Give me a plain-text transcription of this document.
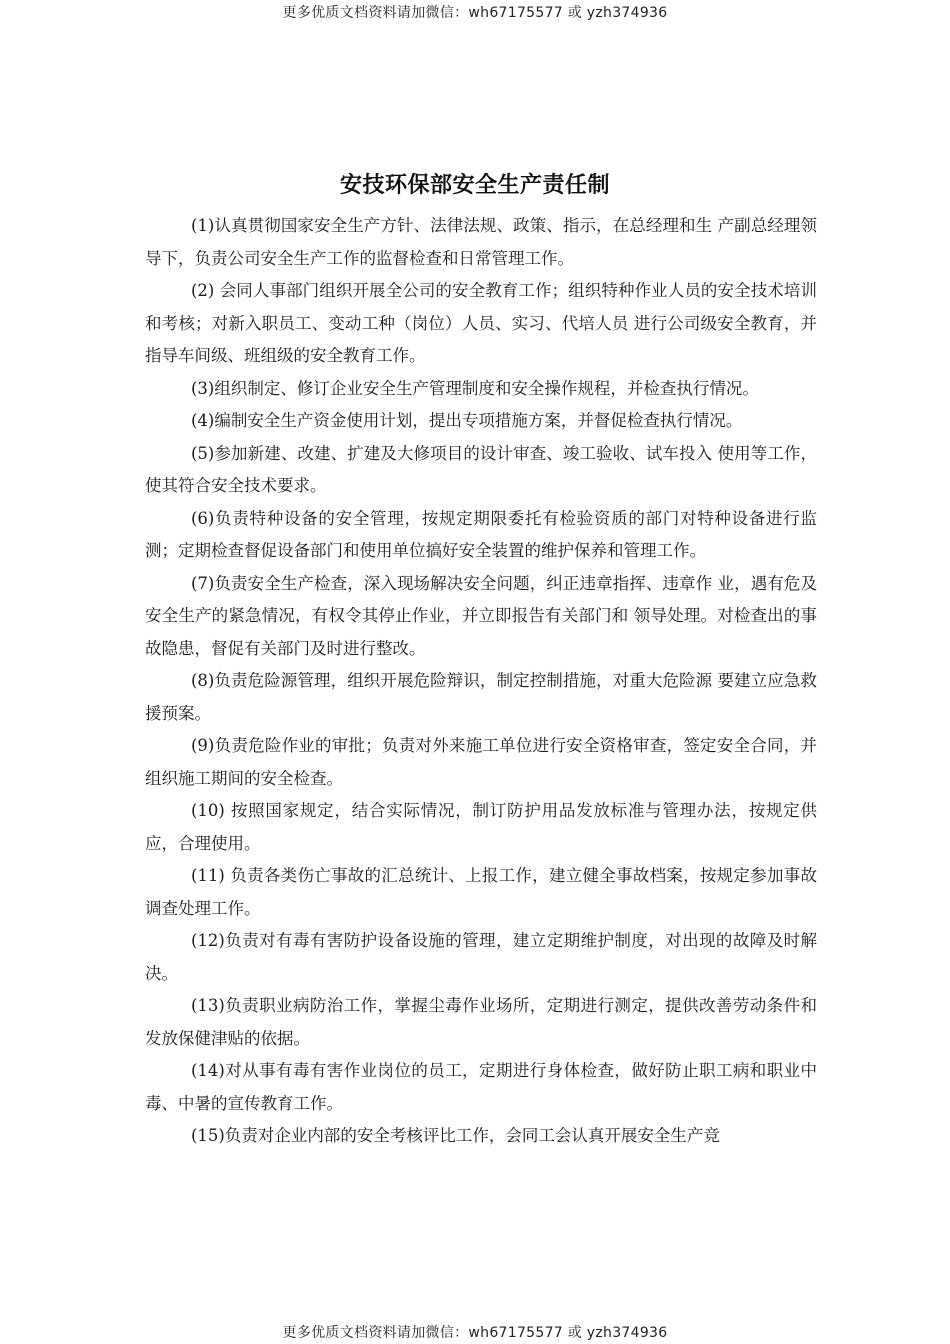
更多优质文档资料请加微信：wh67175577 或 yzh374936
安技环保部安全生产责任制

(1)认真贯彻国家安全生产方针、法律法规、政策、指示，在总经理和生 产副总经理领导下，负责公司安全生产工作的监督检查和日常管理工作。

(2) 会同人事部门组织开展全公司的安全教育工作；组织特种作业人员的安全技术培训和考核；对新入职员工、变动工种（岗位）人员、实习、代培人员 进行公司级安全教育，并指导车间级、班组级的安全教育工作。

(3)组织制定、修订企业安全生产管理制度和安全操作规程，并检查执行情况。

(4)编制安全生产资金使用计划，提出专项措施方案，并督促检查执行情况。

(5)参加新建、改建、扩建及大修项目的设计审查、竣工验收、试车投入 使用等工作，使其符合安全技术要求。

(6)负责特种设备的安全管理，按规定期限委托有检验资质的部门对特种设备进行监测；定期检查督促设备部门和使用单位搞好安全装置的维护保养和管理工作。

(7)负责安全生产检查，深入现场解决安全问题，纠正违章指挥、违章作 业，遇有危及安全生产的紧急情况，有权令其停止作业，并立即报告有关部门和 领导处理。对检查出的事故隐患，督促有关部门及时进行整改。

(8)负责危险源管理，组织开展危险辩识，制定控制措施，对重大危险源 要建立应急救援预案。

(9)负责危险作业的审批；负责对外来施工单位进行安全资格审查，签定安全合同，并组织施工期间的安全检查。

(10) 按照国家规定，结合实际情况，制订防护用品发放标准与管理办法，按规定供应，合理使用。

(11) 负责各类伤亡事故的汇总统计、上报工作，建立健全事故档案，按规定参加事故调查处理工作。

(12)负责对有毒有害防护设备设施的管理，建立定期维护制度，对出现的故障及时解决。

(13)负责职业病防治工作，掌握尘毒作业场所，定期进行测定，提供改善劳动条件和发放保健津贴的依据。

(14)对从事有毒有害作业岗位的员工，定期进行身体检查，做好防止职工病和职业中毒、中暑的宣传教育工作。

(15)负责对企业内部的安全考核评比工作，会同工会认真开展安全生产竞

更多优质文档资料请加微信：wh67175577 或 yzh374936
